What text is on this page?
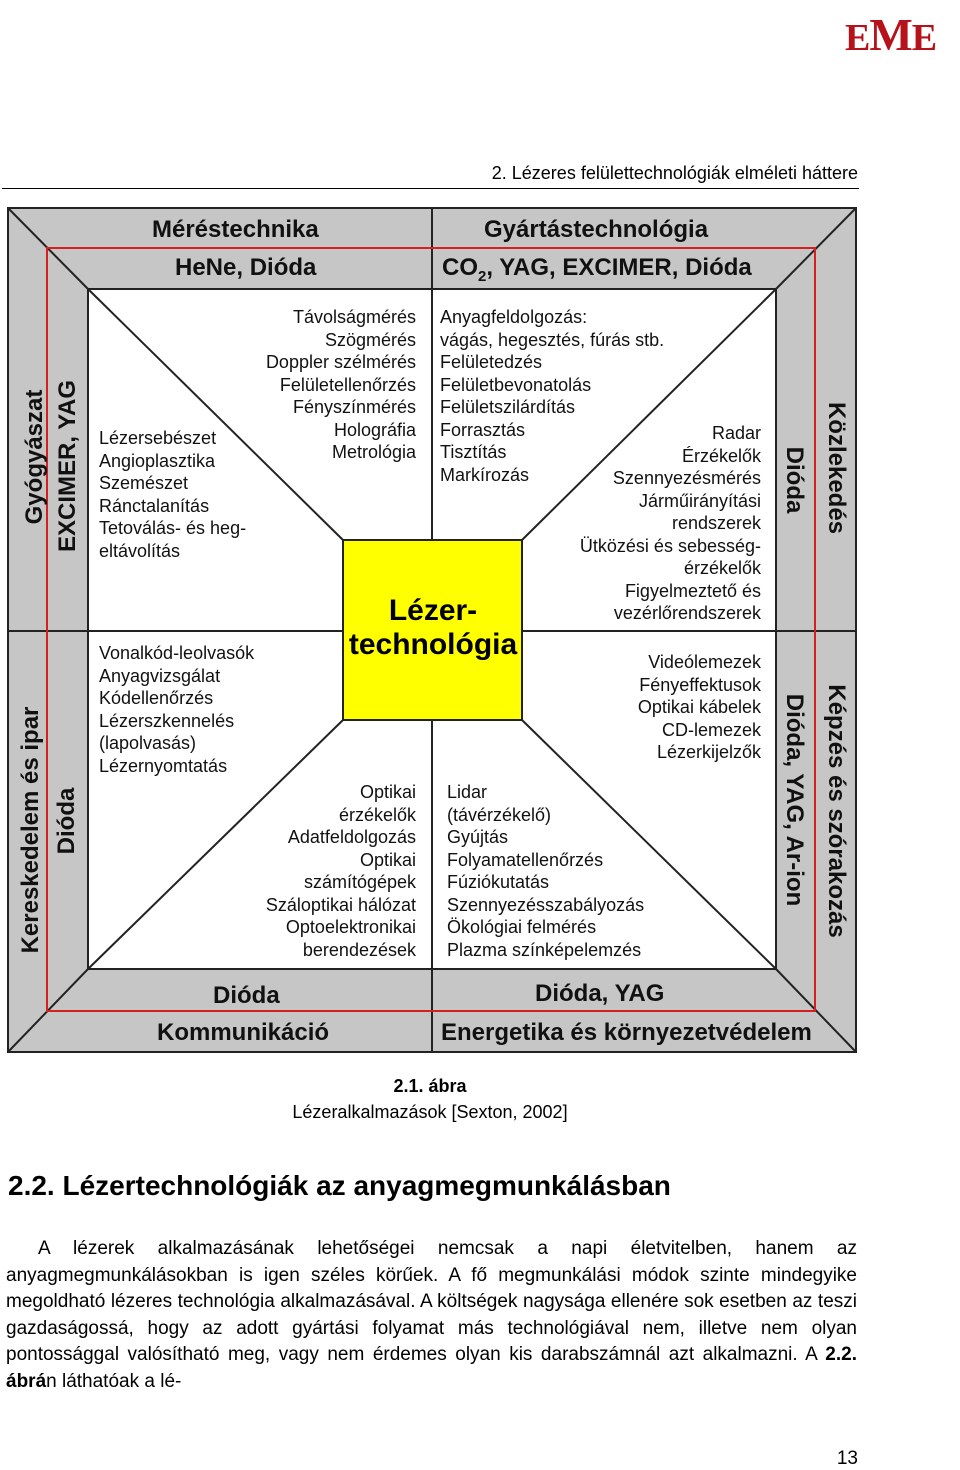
EME
2. Lézeres felülettechnológiák elméleti háttere
Méréstechnika
HeNe, Dióda
Gyártástechnológia
$CO_2$, YAG, EXCIMER, Dióda
Dióda
Kommunikáció
Dióda, YAG
Energetika és környezetvédelem
Gyógyászat EXCIMER, YAG
Kereskedelem és ipar Dióda
Közlekedés
Dióda
Képzés és szórakozás
Dióda, YAG, Ar-ion
Távolságmérés
Szögmérés
Doppler szélmérés
Felületellenőrzés
Fényszínmérés
Holográfia
Metrológia
Anyagfeldolgozás:
vágás, hegesztés, fúrás stb.
Felületedzés
Felületbevonatolás
Felületszilárdítás
Forrasztás
Tisztítás
Markírozás
Lézersebészet
Angioplasztika
Szemészet
Ránctalanítás
Tetoválás- és heg-
eltávolítás
Radar
Érzékelők
Szennyezésmérés
Járműirányítási
rendszerek
Ütközési és sebesség-
érzékelők
Figyelmeztető és
vezérlőrendszerek
Vonalkód-leolvasók
Anyagvizsgálat
Kódellenőrzés
Lézerszkennelés
(lapolvasás)
Lézernyomtatás
Videólemezek
Fényeffektusok
Optikai kábelek
CD-lemezek
Lézerkijelzők
Optikai
érzékelők
Adatfeldolgozás
Optikai
számítógépek
Száloptikai hálózat
Optoelektronikai
berendezések
Lidar
(távérzékelő)
Gyújtás
Folyamatellenőrzés
Fúziókutatás
Szennyezésszabályozás
Ökológiai felmérés
Plazma színképelemzés
Lézer-
technológia
2.1. ábra
Lézeralkalmazások [Sexton, 2002]
2.2. Lézertechnológiák az anyagmegmunkálásban

A lézerek alkalmazásának lehetőségei nemcsak a napi életvitelben, hanem az anyagmegmunkálásokban is igen széles körűek. A fő megmunkálási módok szinte mindegyike megoldható lézeres technológia alkalmazásával. A költségek nagysága ellenére sok esetben az teszi gazdaságossá, hogy az adott gyártási folyamat más technológiával nem, illetve nem olyan pontossággal valósítható meg, vagy nem érdemes olyan kis darabszámnál azt alkalmazni. A 2.2. ábrán láthatóak a lé-

13
